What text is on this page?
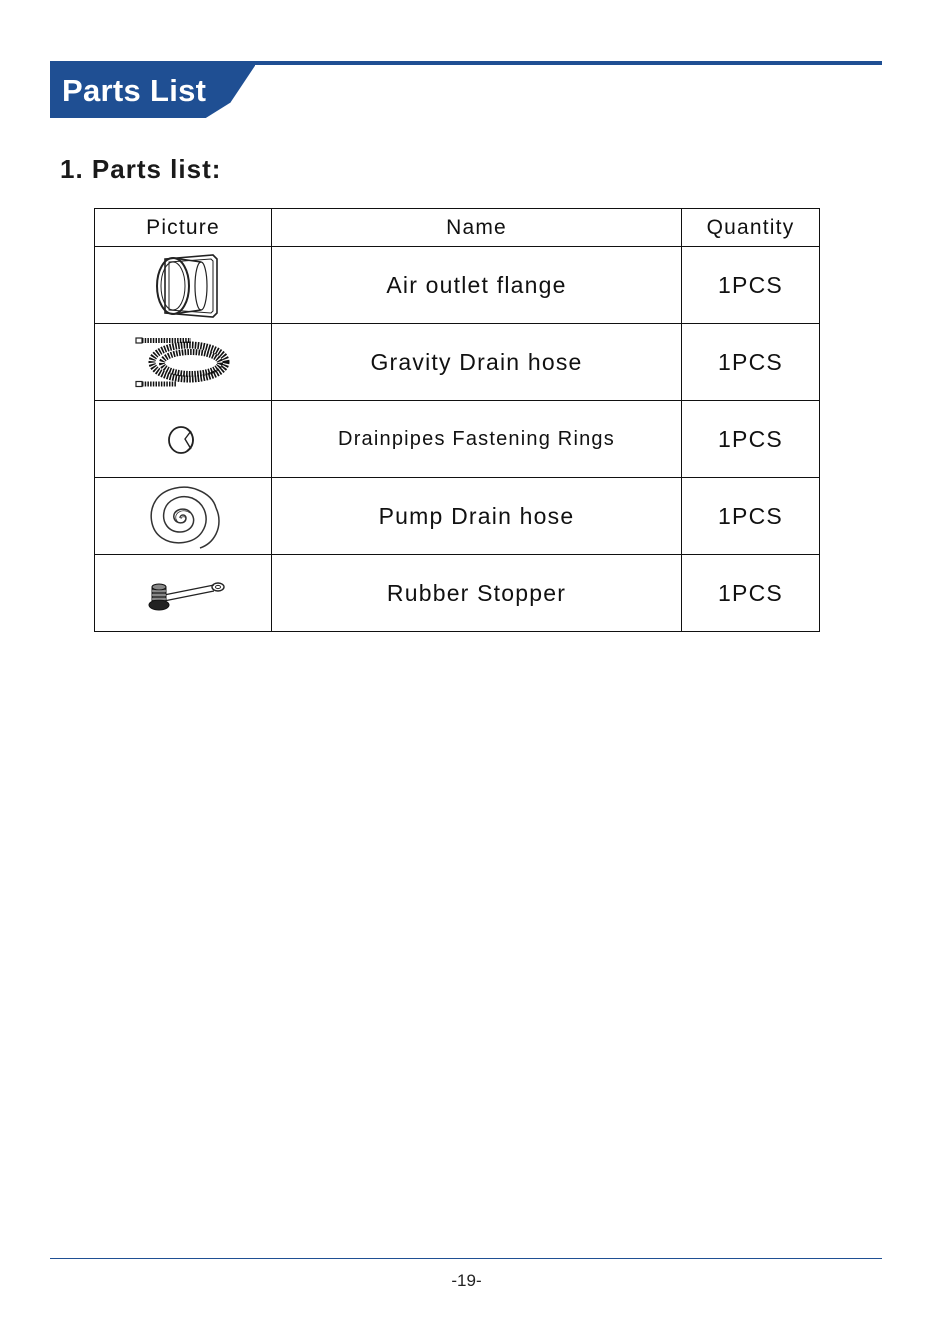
Parts List
1. Parts list:
Picture	Name	Quantity

	Air outlet flange	1PCS

	Gravity Drain hose	1PCS

	Drainpipes Fastening Rings	1PCS

	Pump Drain hose	1PCS

	Rubber Stopper	1PCS
-19-
